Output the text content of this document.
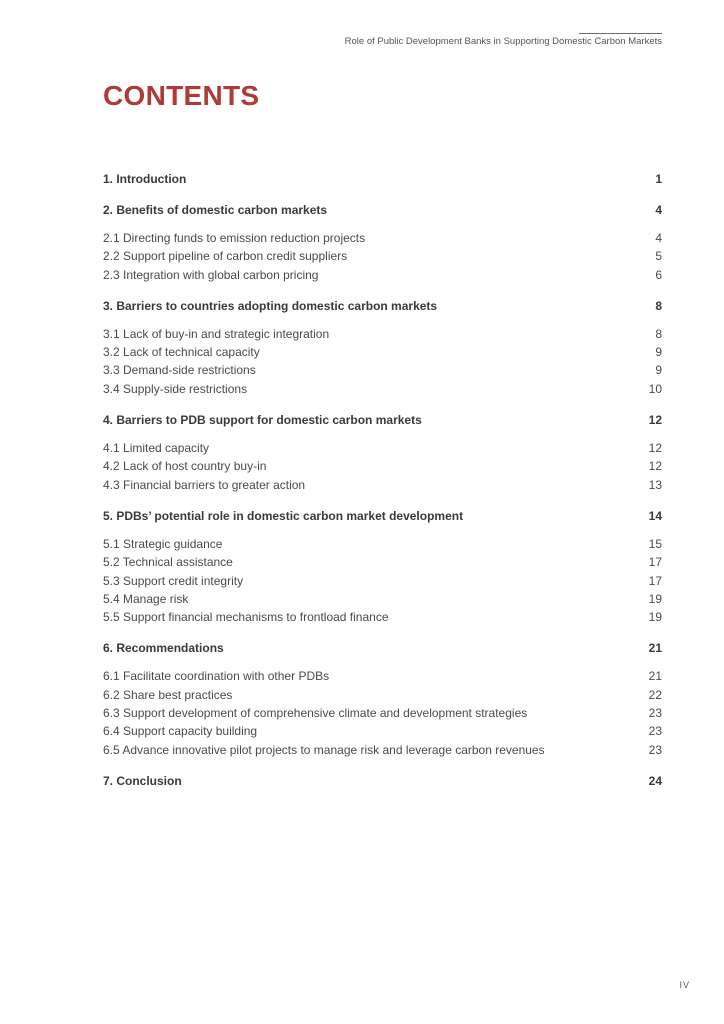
Role of Public Development Banks in Supporting Domestic Carbon Markets
CONTENTS
1. Introduction	1
2. Benefits of domestic carbon markets	4
2.1 Directing funds to emission reduction projects	4
2.2 Support pipeline of carbon credit suppliers	5
2.3 Integration with global carbon pricing	6
3. Barriers to countries adopting domestic carbon markets	8
3.1 Lack of buy-in and strategic integration	8
3.2 Lack of technical capacity	9
3.3 Demand-side restrictions	9
3.4 Supply-side restrictions	10
4. Barriers to PDB support for domestic carbon markets	12
4.1 Limited capacity	12
4.2 Lack of host country buy-in	12
4.3 Financial barriers to greater action	13
5. PDBs’ potential role in domestic carbon market development	14
5.1 Strategic guidance	15
5.2 Technical assistance	17
5.3 Support credit integrity	17
5.4 Manage risk	19
5.5 Support financial mechanisms to frontload finance	19
6. Recommendations	21
6.1 Facilitate coordination with other PDBs	21
6.2 Share best practices	22
6.3 Support development of comprehensive climate and development strategies	23
6.4 Support capacity building	23
6.5 Advance innovative pilot projects to manage risk and leverage carbon revenues	23
7. Conclusion	24
IV
